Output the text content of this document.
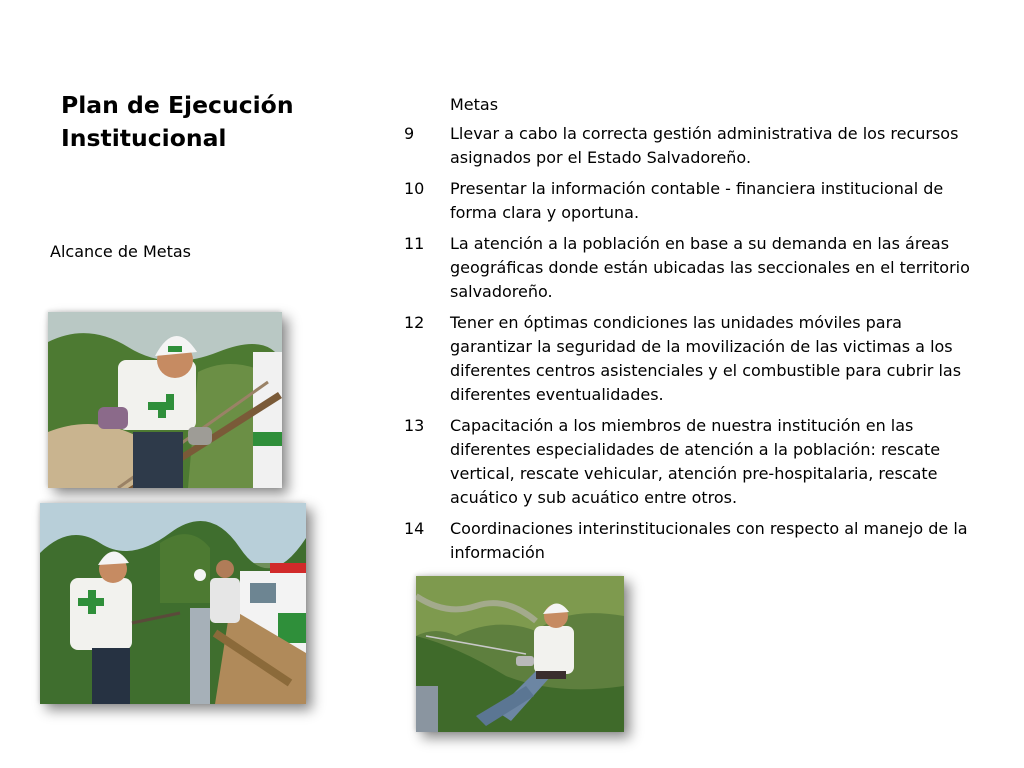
Plan de Ejecución Institucional
Alcance de Metas
Metas
9	Llevar a cabo la correcta gestión administrativa de los recursos asignados por el Estado Salvadoreño.
10	Presentar la información contable - financiera institucional de forma clara y oportuna.
11	La atención a la población en base a su demanda en las áreas geográficas donde están ubicadas las seccionales en el territorio salvadoreño.
12	Tener en óptimas condiciones las unidades móviles para garantizar la seguridad de la movilización de las victimas a los diferentes centros asistenciales y el combustible para cubrir las diferentes eventualidades.
13	Capacitación a los miembros de nuestra institución en las diferentes especialidades de atención a la población: rescate vertical, rescate vehicular, atención pre-hospitalaria, rescate acuático y sub acuático entre otros.
14	Coordinaciones interinstitucionales con respecto al manejo de la información
